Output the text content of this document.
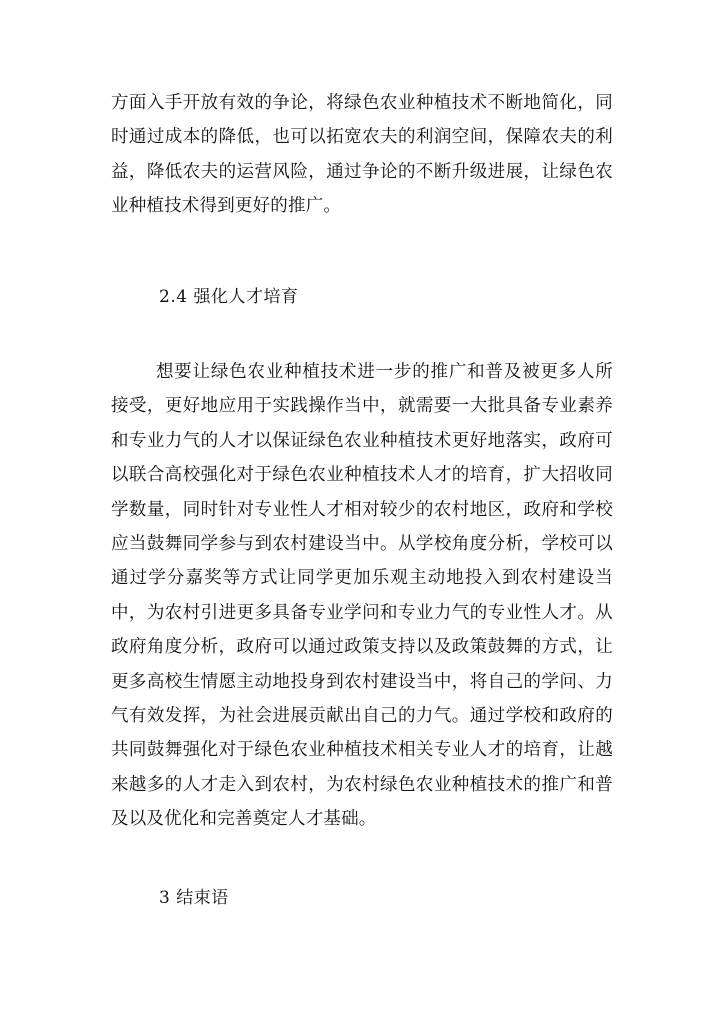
方面入手开放有效的争论，将绿色农业种植技术不断地简化，同时通过成本的降低，也可以拓宽农夫的利润空间，保障农夫的利益，降低农夫的运营风险，通过争论的不断升级进展，让绿色农业种植技术得到更好的推广。

2.4 强化人才培育

想要让绿色农业种植技术进一步的推广和普及被更多人所接受，更好地应用于实践操作当中，就需要一大批具备专业素养和专业力气的人才以保证绿色农业种植技术更好地落实，政府可以联合高校强化对于绿色农业种植技术人才的培育，扩大招收同学数量，同时针对专业性人才相对较少的农村地区，政府和学校应当鼓舞同学参与到农村建设当中。从学校角度分析，学校可以通过学分嘉奖等方式让同学更加乐观主动地投入到农村建设当中，为农村引进更多具备专业学问和专业力气的专业性人才。从政府角度分析，政府可以通过政策支持以及政策鼓舞的方式，让更多高校生情愿主动地投身到农村建设当中，将自己的学问、力气有效发挥，为社会进展贡献出自己的力气。通过学校和政府的共同鼓舞强化对于绿色农业种植技术相关专业人才的培育，让越来越多的人才走入到农村，为农村绿色农业种植技术的推广和普及以及优化和完善奠定人才基础。

3 结束语
